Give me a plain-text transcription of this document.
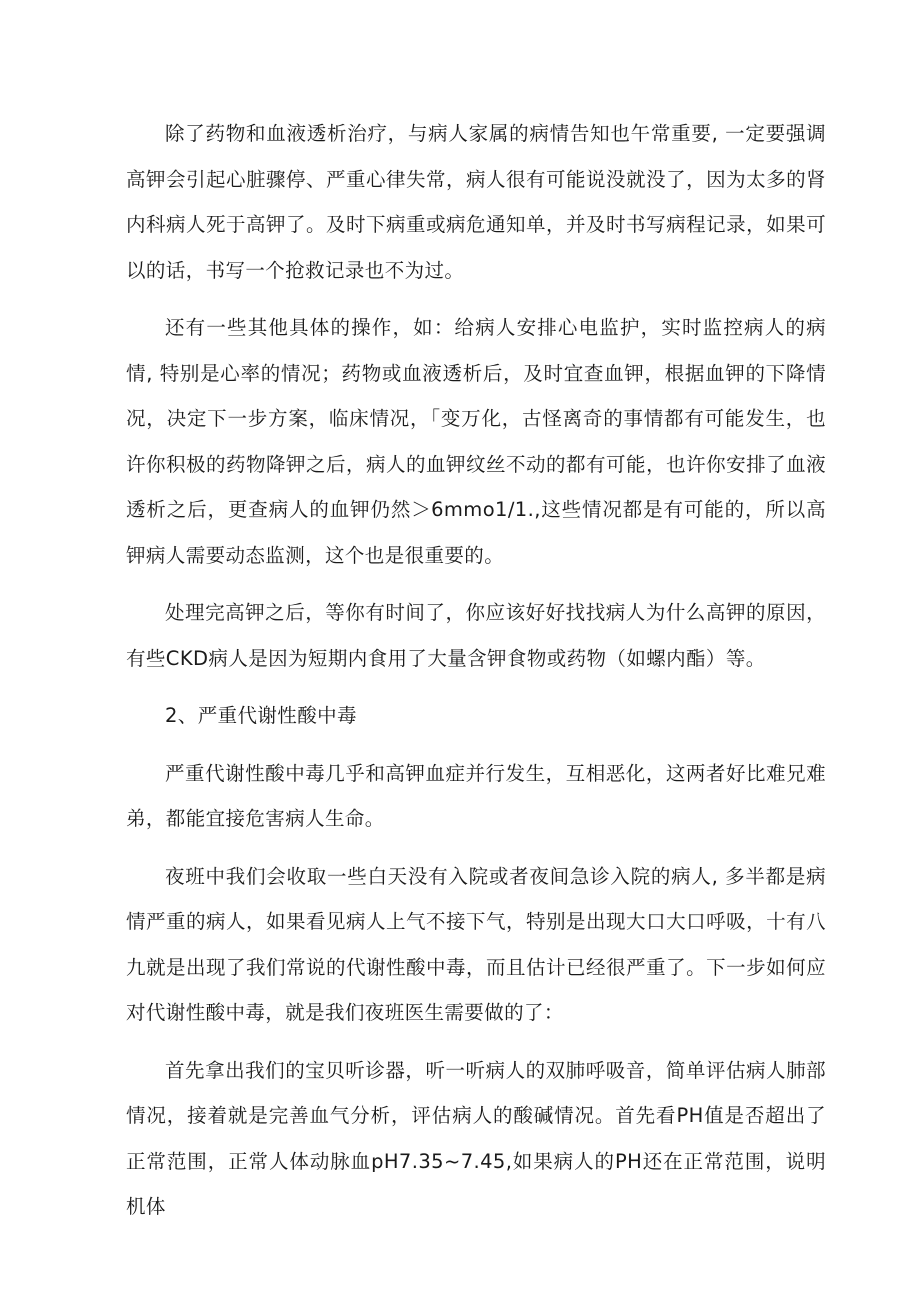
除了药物和血液透析治疗，与病人家属的病情告知也午常重要, 一定要强调高钾会引起心脏骤停、严重心律失常，病人很有可能说没就没了，因为太多的肾内科病人死于高钾了。及时下病重或病危通知单，并及时书写病程记录，如果可以的话，书写一个抢救记录也不为过。

还有一些其他具体的操作，如：给病人安排心电监护，实时监控病人的病情, 特别是心率的情况；药物或血液透析后，及时宜查血钾，根据血钾的下降情况，决定下一步方案，临床情况，「变万化，古怪离奇的事情都有可能发生，也许你积极的药物降钾之后，病人的血钾纹丝不动的都有可能，也许你安排了血液透析之后，更查病人的血钾仍然＞6mmo1∕1.,这些情况都是有可能的，所以高钾病人需要动态监测，这个也是很重要的。

处理完高钾之后，等你有时间了，你应该好好找找病人为什么高钾的原因，有些CKD病人是因为短期内食用了大量含钾食物或药物（如螺内酯）等。

2、严重代谢性酸中毒

严重代谢性酸中毒几乎和高钾血症并行发生，互相恶化，这两者好比难兄难弟，都能宜接危害病人生命。

夜班中我们会收取一些白天没有入院或者夜间急诊入院的病人, 多半都是病情严重的病人，如果看见病人上气不接下气，特别是出现大口大口呼吸，十有八九就是出现了我们常说的代谢性酸中毒，而且估计已经很严重了。下一步如何应对代谢性酸中毒，就是我们夜班医生需要做的了：

首先拿出我们的宝贝听诊器，听一听病人的双肺呼吸音，简单评估病人肺部情况，接着就是完善血气分析，评估病人的酸碱情况。首先看PH值是否超出了正常范围，正常人体动脉血pH7.35~7.45,如果病人的PH还在正常范围，说明机体
